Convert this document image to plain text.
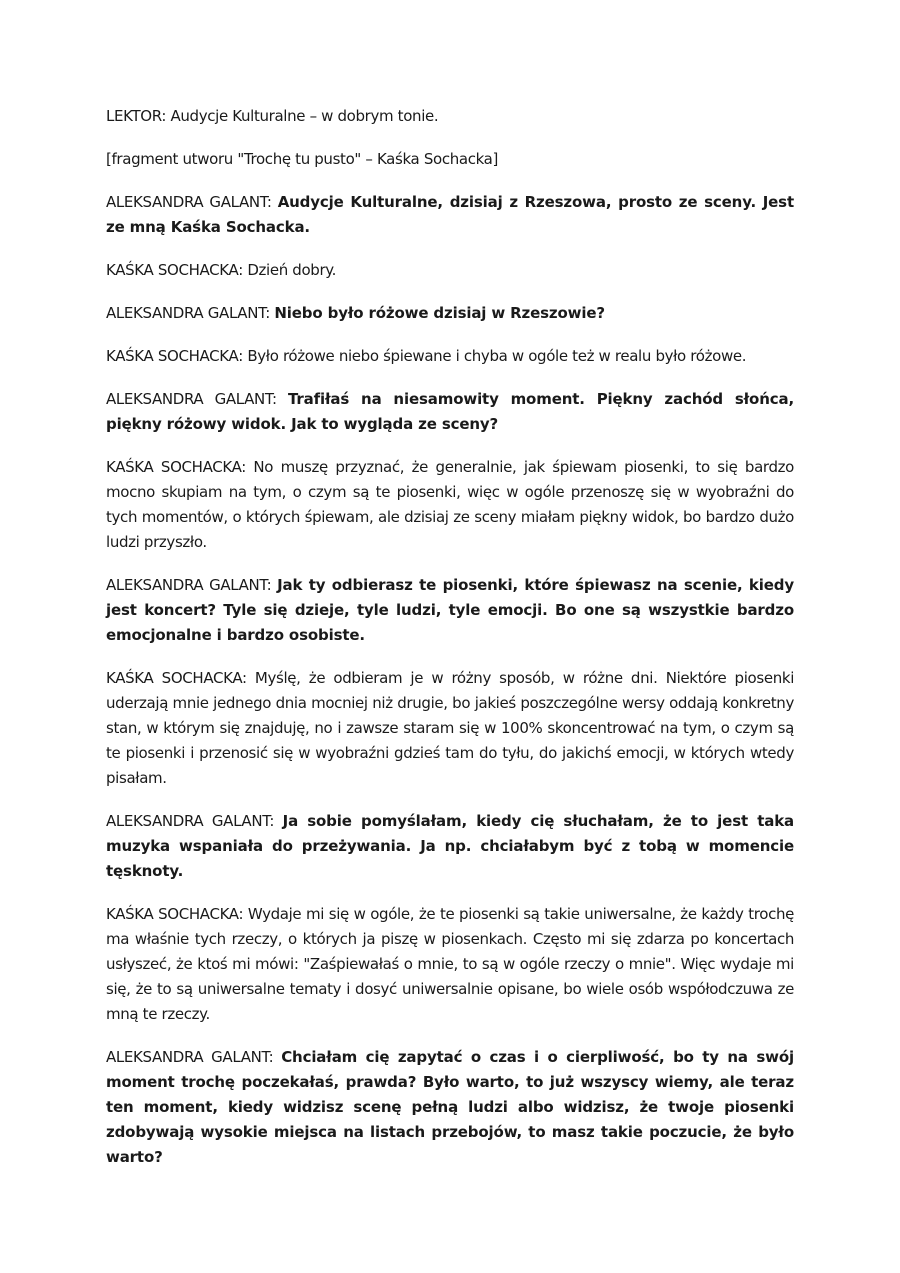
LEKTOR: Audycje Kulturalne – w dobrym tonie.

[fragment utworu "Trochę tu pusto" – Kaśka Sochacka]

ALEKSANDRA GALANT: Audycje Kulturalne, dzisiaj z Rzeszowa, prosto ze sceny. Jest ze mną Kaśka Sochacka.

KAŚKA SOCHACKA: Dzień dobry.

ALEKSANDRA GALANT: Niebo było różowe dzisiaj w Rzeszowie?

KAŚKA SOCHACKA: Było różowe niebo śpiewane i chyba w ogóle też w realu było różowe.

ALEKSANDRA GALANT: Trafiłaś na niesamowity moment. Piękny zachód słońca, piękny różowy widok. Jak to wygląda ze sceny?

KAŚKA SOCHACKA: No muszę przyznać, że generalnie, jak śpiewam piosenki, to się bardzo mocno skupiam na tym, o czym są te piosenki, więc w ogóle przenoszę się w wyobraźni do tych momentów, o których śpiewam, ale dzisiaj ze sceny miałam piękny widok, bo bardzo dużo ludzi przyszło.

ALEKSANDRA GALANT: Jak ty odbierasz te piosenki, które śpiewasz na scenie, kiedy jest koncert? Tyle się dzieje, tyle ludzi, tyle emocji. Bo one są wszystkie bardzo emocjonalne i bardzo osobiste.

KAŚKA SOCHACKA: Myślę, że odbieram je w różny sposób, w różne dni. Niektóre piosenki uderzają mnie jednego dnia mocniej niż drugie, bo jakieś poszczególne wersy oddają konkretny stan, w którym się znajduję, no i zawsze staram się w 100% skoncentrować na tym, o czym są te piosenki i przenosić się w wyobraźni gdzieś tam do tyłu, do jakichś emocji, w których wtedy pisałam.

ALEKSANDRA GALANT: Ja sobie pomyślałam, kiedy cię słuchałam, że to jest taka muzyka wspaniała do przeżywania. Ja np. chciałabym być z tobą w momencie tęsknoty.

KAŚKA SOCHACKA: Wydaje mi się w ogóle, że te piosenki są takie uniwersalne, że każdy trochę ma właśnie tych rzeczy, o których ja piszę w piosenkach. Często mi się zdarza po koncertach usłyszeć, że ktoś mi mówi: "Zaśpiewałaś o mnie, to są w ogóle rzeczy o mnie". Więc wydaje mi się, że to są uniwersalne tematy i dosyć uniwersalnie opisane, bo wiele osób współodczuwa ze mną te rzeczy.

ALEKSANDRA GALANT: Chciałam cię zapytać o czas i o cierpliwość, bo ty na swój moment trochę poczekałaś, prawda? Było warto, to już wszyscy wiemy, ale teraz ten moment, kiedy widzisz scenę pełną ludzi albo widzisz, że twoje piosenki zdobywają wysokie miejsca na listach przebojów, to masz takie poczucie, że było warto?
